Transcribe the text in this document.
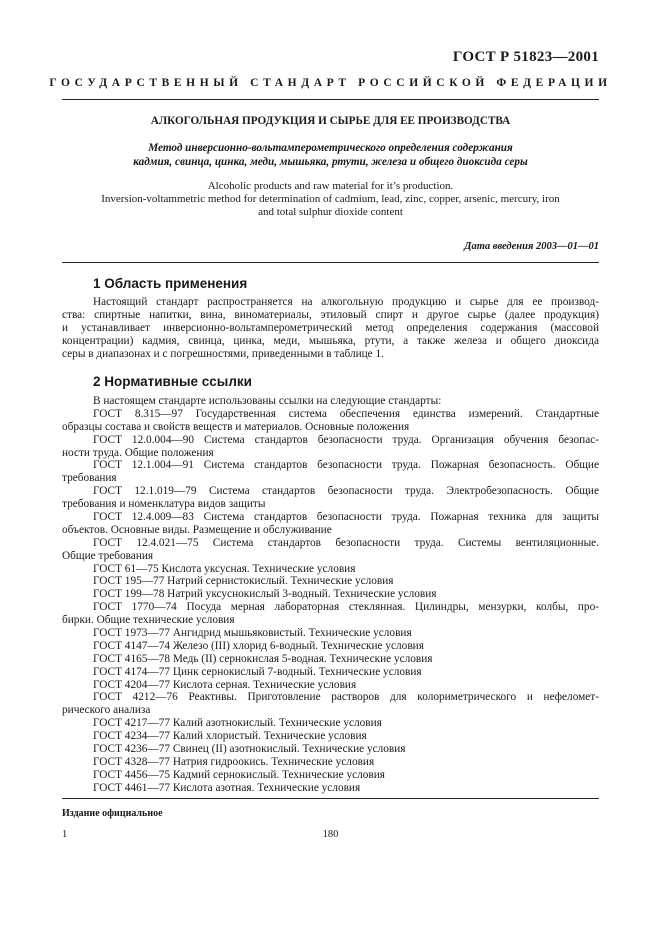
ГОСТ Р 51823—2001
ГОСУДАРСТВЕННЫЙ СТАНДАРТ РОССИЙСКОЙ ФЕДЕРАЦИИ
АЛКОГОЛЬНАЯ ПРОДУКЦИЯ И СЫРЬЕ ДЛЯ ЕЕ ПРОИЗВОДСТВА
Метод инверсионно-вольтамперометрического определения содержания
кадмия, свинца, цинка, меди, мышьяка, ртути, железа и общего диоксида серы
Alcoholic products and raw material for it’s production.
Inversion-voltammetric method for determination of cadmium, lead, zinc, copper, arsenic, mercury, iron
and total sulphur dioxide content
Дата введения 2003—01—01
1 Область применения
Настоящий стандарт распространяется на алкогольную продукцию и сырье для ее производ-
ства: спиртные напитки, вина, виноматериалы, этиловый спирт и другое сырье (далее продукция)
и устанавливает инверсионно-вольтамперометрический метод определения содержания (массовой
концентрации) кадмия, свинца, цинка, меди, мышьяка, ртути, а также железа и общего диоксида
серы в диапазонах и с погрешностями, приведенными в таблице 1.
2 Нормативные ссылки
В настоящем стандарте использованы ссылки на следующие стандарты:
ГОСТ 8.315—97 Государственная система обеспечения единства измерений. Стандартные
образцы состава и свойств веществ и материалов. Основные положения
ГОСТ 12.0.004—90 Система стандартов безопасности труда. Организация обучения безопас-
ности труда. Общие положения
ГОСТ 12.1.004—91 Система стандартов безопасности труда. Пожарная безопасность. Общие
требования
ГОСТ 12.1.019—79 Система стандартов безопасности труда. Электробезопасность. Общие
требования и номенклатура видов защиты
ГОСТ 12.4.009—83 Система стандартов безопасности труда. Пожарная техника для защиты
объектов. Основные виды. Размещение и обслуживание
ГОСТ 12.4.021—75 Система стандартов безопасности труда. Системы вентиляционные.
Общие требования
ГОСТ 61—75 Кислота уксусная. Технические условия
ГОСТ 195—77 Натрий сернистокислый. Технические условия
ГОСТ 199—78 Натрий уксуснокислый 3-водный. Технические условия
ГОСТ 1770—74 Посуда мерная лабораторная стеклянная. Цилиндры, мензурки, колбы, про-
бирки. Общие технические условия
ГОСТ 1973—77 Ангидрид мышьяковистый. Технические условия
ГОСТ 4147—74 Железо (III) хлорид 6-водный. Технические условия
ГОСТ 4165—78 Медь (II) сернокислая 5-водная. Технические условия
ГОСТ 4174—77 Цинк сернокислый 7-водный. Технические условия
ГОСТ 4204—77 Кислота серная. Технические условия
ГОСТ 4212—76 Реактивы. Приготовление растворов для колориметрического и нефеломет-
рического анализа
ГОСТ 4217—77 Калий азотнокислый. Технические условия
ГОСТ 4234—77 Калий хлористый. Технические условия
ГОСТ 4236—77 Свинец (II) азотнокислый. Технические условия
ГОСТ 4328—77 Натрия гидроокись. Технические условия
ГОСТ 4456—75 Кадмий сернокислый. Технические условия
ГОСТ 4461—77 Кислота азотная. Технические условия
Издание официальное
1	180
